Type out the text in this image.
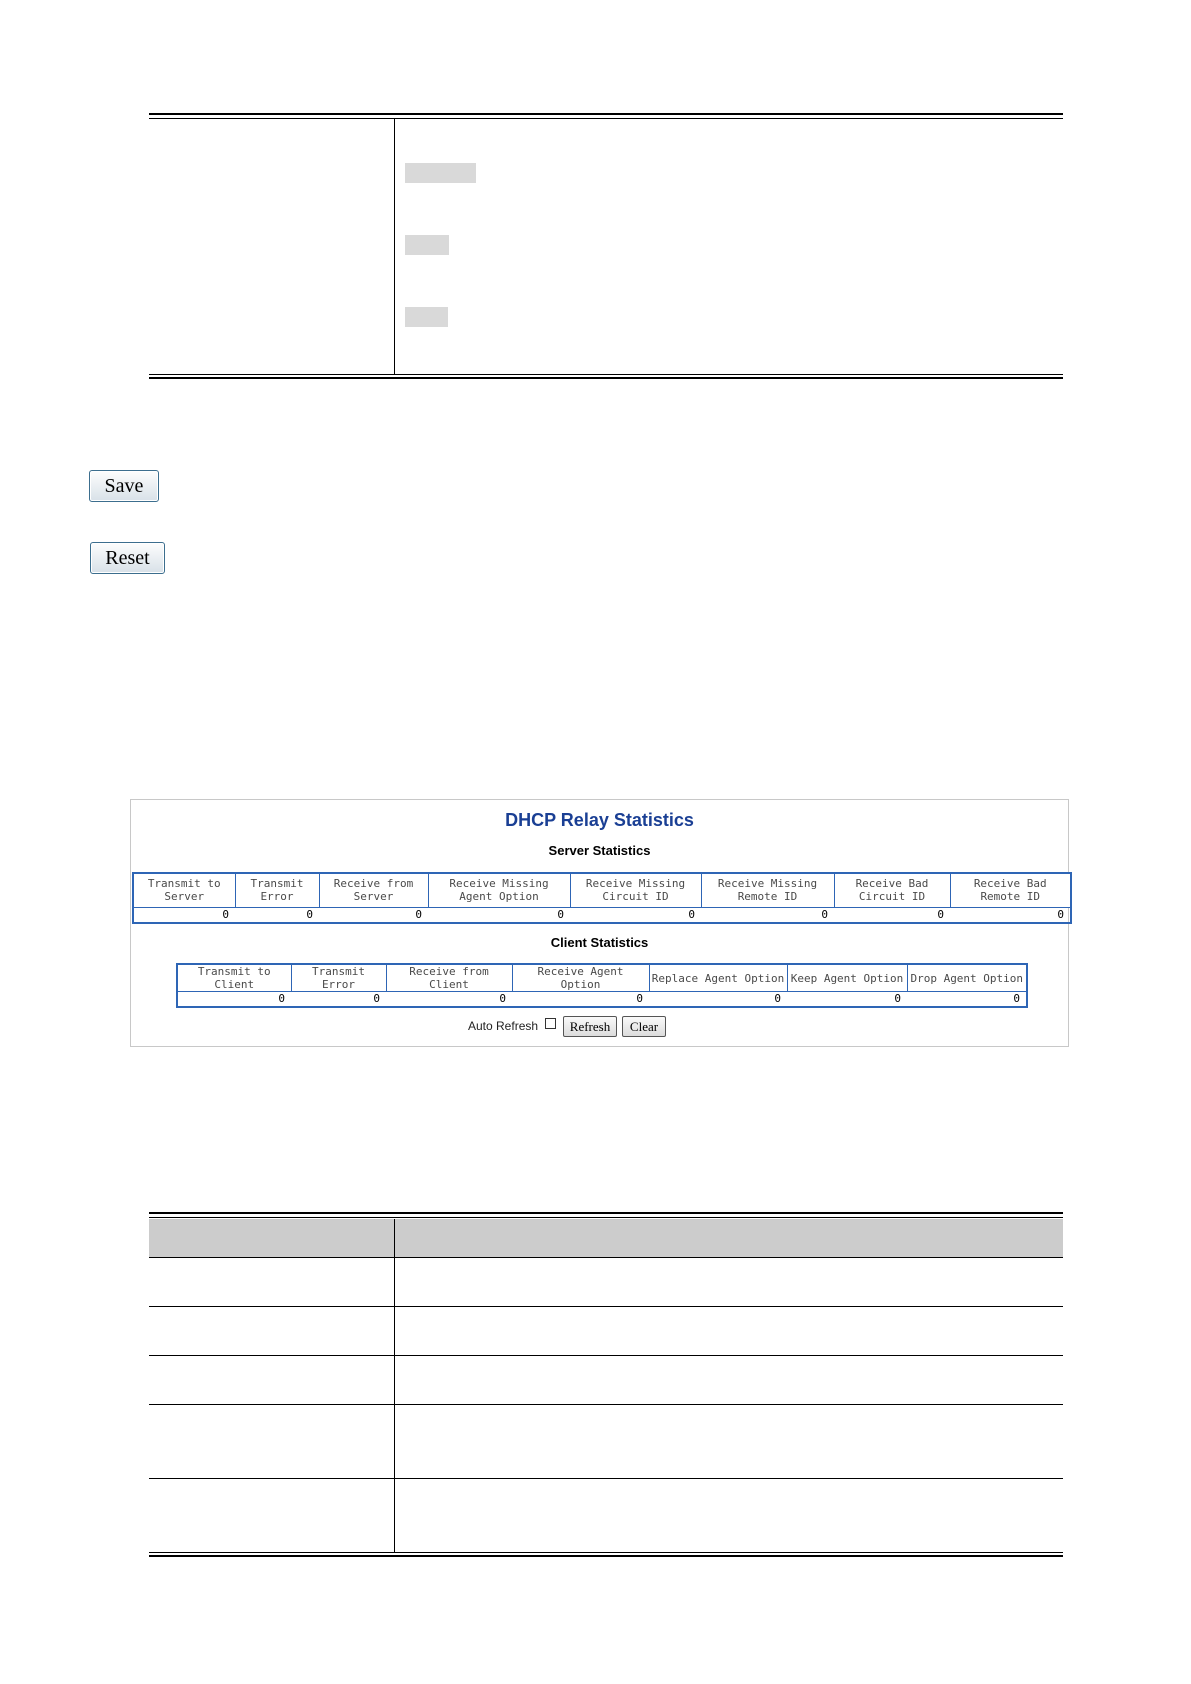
Save
Reset
DHCP Relay Statistics
Server Statistics
Client Statistics
Transmit to Server	Transmit Error	Receive from Server	Receive Missing Agent Option	Receive Missing Circuit ID	Receive Missing Remote ID	Receive Bad Circuit ID	Receive Bad Remote ID
0	0	0	0	0	0	0	0
Transmit to Client	Transmit Error	Receive from Client	Receive Agent Option	Replace Agent Option	Keep Agent Option	Drop Agent Option
0	0	0	0	0	0	0
Auto Refresh	Refresh	Clear
